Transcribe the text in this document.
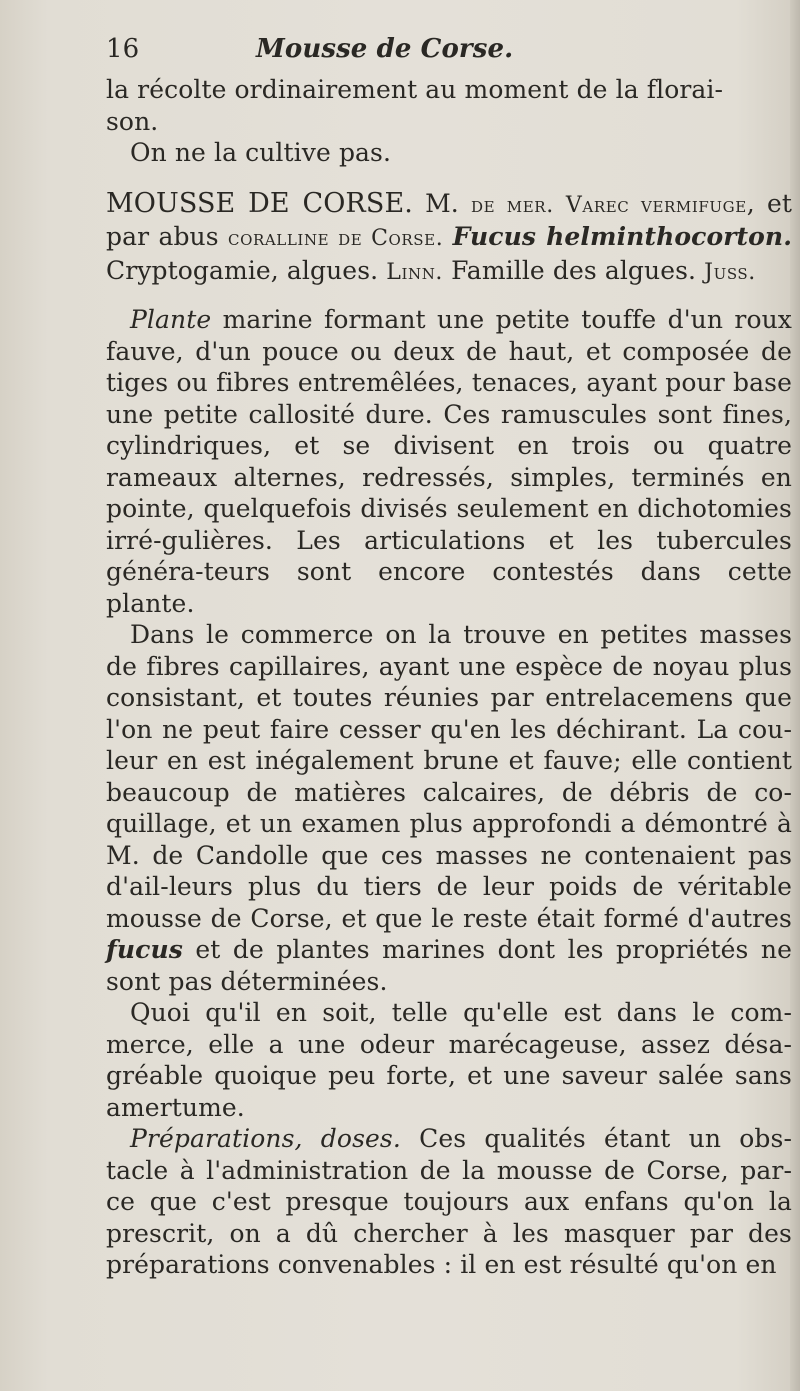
16	Mousse de Corse.

la récolte ordinairement au moment de la florai-
son.

On ne la cultive pas.

MOUSSE DE CORSE. M. de mer. Varec vermifuge, et par abus coralline de Corse. Fucus helminthocorton. Cryptogamie, algues. Linn. Famille des algues. Juss.

Plante marine formant une petite touffe d'un roux fauve, d'un pouce ou deux de haut, et composée de tiges ou fibres entremêlées, tenaces, ayant pour base une petite callosité dure. Ces ramuscules sont fines, cylindriques, et se divisent en trois ou quatre rameaux alternes, redressés, simples, terminés en pointe, quelquefois divisés seulement en dichotomies irré-gulières. Les articulations et les tubercules généra-teurs sont encore contestés dans cette plante.

Dans le commerce on la trouve en petites masses de fibres capillaires, ayant une espèce de noyau plus consistant, et toutes réunies par entrelacemens que l'on ne peut faire cesser qu'en les déchirant. La cou-leur en est inégalement brune et fauve; elle contient beaucoup de matières calcaires, de débris de co-quillage, et un examen plus approfondi a démontré à M. de Candolle que ces masses ne contenaient pas d'ail-leurs plus du tiers de leur poids de véritable mousse de Corse, et que le reste était formé d'autres fucus et de plantes marines dont les propriétés ne sont pas déterminées.

Quoi qu'il en soit, telle qu'elle est dans le com-merce, elle a une odeur marécageuse, assez désa-gréable quoique peu forte, et une saveur salée sans amertume.

Préparations, doses. Ces qualités étant un obs-tacle à l'administration de la mousse de Corse, par-ce que c'est presque toujours aux enfans qu'on la prescrit, on a dû chercher à les masquer par des préparations convenables : il en est résulté qu'on en
